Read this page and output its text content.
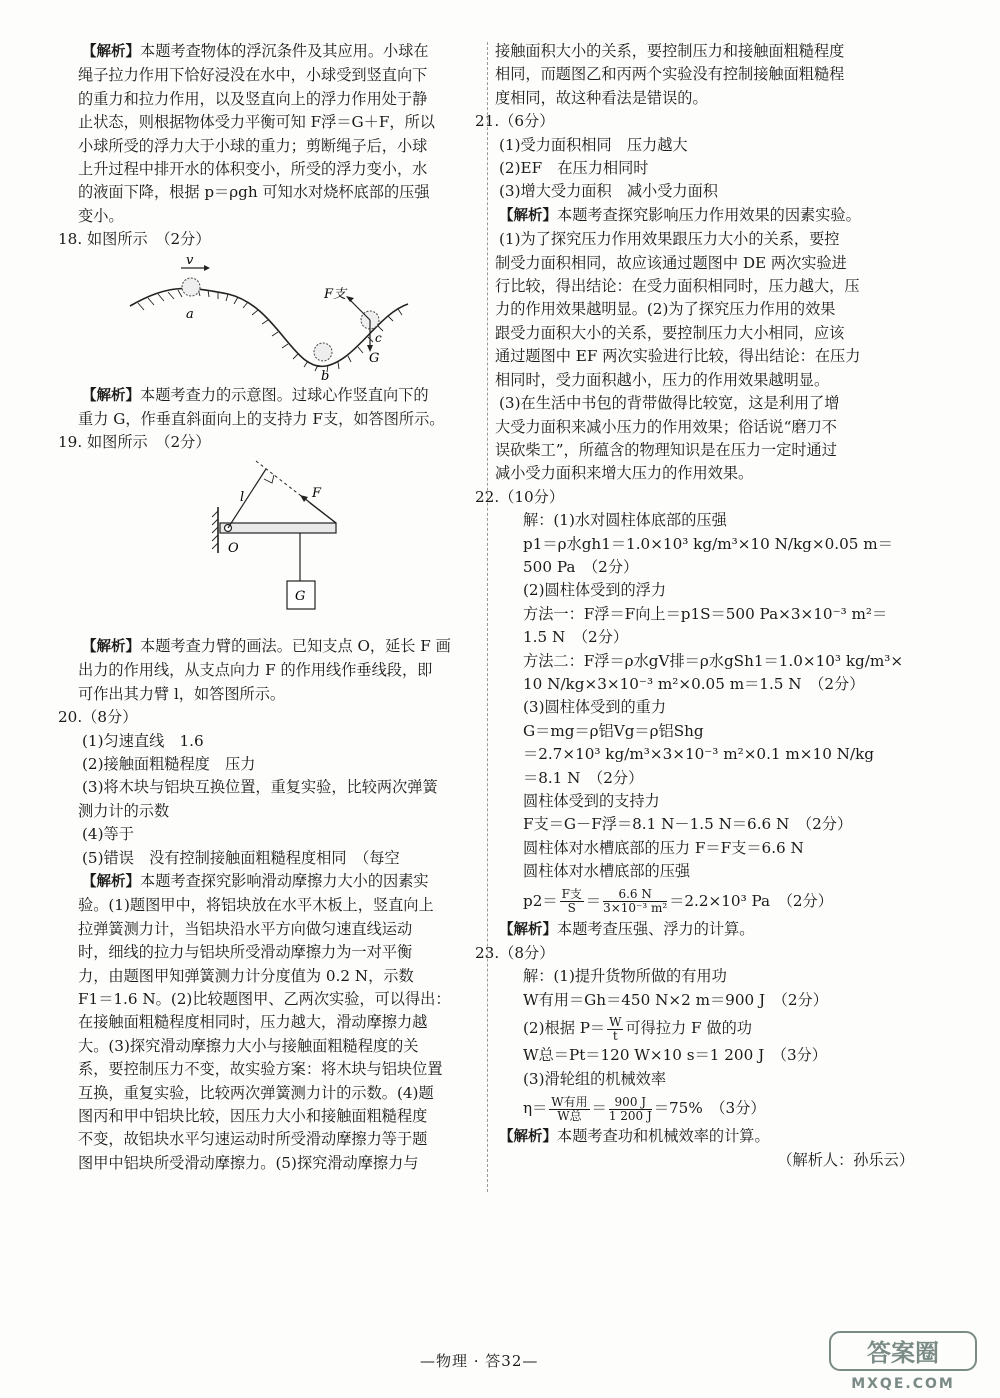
【解析】本题考查物体的浮沉条件及其应用。小球在

绳子拉力作用下恰好浸没在水中，小球受到竖直向下

的重力和拉力作用，以及竖直向上的浮力作用处于静

止状态，则根据物体受力平衡可知 F浮＝G＋F，所以

小球所受的浮力大于小球的重力；剪断绳子后，小球

上升过程中排开水的体积变小，所受的浮力变小，水

的液面下降，根据 p＝ρgh 可知水对烧杯底部的压强

变小。

18. 如图所示　（2分）

v
a
b
F支
c
G

【解析】本题考查力的示意图。过球心作竖直向下的

重力 G，作垂直斜面向上的支持力 F支，如答图所示。

19. 如图所示　（2分）

O
l	F
G

【解析】本题考查力臂的画法。已知支点 O，延长 F 画

出力的作用线，从支点向力 F 的作用线作垂线段，即

可作出其力臂 l，如答图所示。

20.（8分）

(1)匀速直线　1.6

(2)接触面粗糙程度　压力

(3)将木块与铝块互换位置，重复实验，比较两次弹簧

测力计的示数

(4)等于

(5)错误　没有控制接触面粗糙程度相同　（每空

【解析】本题考查探究影响滑动摩擦力大小的因素实

验。(1)题图甲中，将铝块放在水平木板上，竖直向上

拉弹簧测力计，当铝块沿水平方向做匀速直线运动

时，细线的拉力与铝块所受滑动摩擦力为一对平衡

力，由题图甲知弹簧测力计分度值为 0.2 N，示数

F1＝1.6 N。(2)比较题图甲、乙两次实验，可以得出：

在接触面粗糙程度相同时，压力越大，滑动摩擦力越

大。(3)探究滑动摩擦力大小与接触面粗糙程度的关

系，要控制压力不变，故实验方案：将木块与铝块位置

互换，重复实验，比较两次弹簧测力计的示数。(4)题

图丙和甲中铝块比较，因压力大小和接触面粗糙程度

不变，故铝块水平匀速运动时所受滑动摩擦力等于题

图甲中铝块所受滑动摩擦力。(5)探究滑动摩擦力与

接触面积大小的关系，要控制压力和接触面粗糙程度

相同，而题图乙和丙两个实验没有控制接触面粗糙程

度相同，故这种看法是错误的。

21.（6分）

(1)受力面积相同　压力越大

(2)EF　在压力相同时

(3)增大受力面积　减小受力面积

【解析】本题考查探究影响压力作用效果的因素实验。

(1)为了探究压力作用效果跟压力大小的关系，要控

制受力面积相同，故应该通过题图中 DE 两次实验进

行比较，得出结论：在受力面积相同时，压力越大，压

力的作用效果越明显。(2)为了探究压力作用的效果

跟受力面积大小的关系，要控制压力大小相同，应该

通过题图中 EF 两次实验进行比较，得出结论：在压力

相同时，受力面积越小，压力的作用效果越明显。

(3)在生活中书包的背带做得比较宽，这是利用了增

大受力面积来减小压力的作用效果；俗话说“磨刀不

误砍柴工”，所蕴含的物理知识是在压力一定时通过

减小受力面积来增大压力的作用效果。

22.（10分）

解：(1)水对圆柱体底部的压强

p1＝ρ水gh1＝1.0×10³ kg/m³×10 N/kg×0.05 m＝

500 Pa　（2分）

(2)圆柱体受到的浮力

方法一：F浮＝F向上＝p1S＝500 Pa×3×10⁻³ m²＝

1.5 N　（2分）

方法二：F浮＝ρ水gV排＝ρ水gSh1＝1.0×10³ kg/m³×

10 N/kg×3×10⁻³ m²×0.05 m＝1.5 N　（2分）

(3)圆柱体受到的重力

G＝mg＝ρ铝Vg＝ρ铝Shg

＝2.7×10³ kg/m³×3×10⁻³ m²×0.1 m×10 N/kg

＝8.1 N　（2分）

圆柱体受到的支持力

F支＝G－F浮＝8.1 N－1.5 N＝6.6 N　（2分）

圆柱体对水槽底部的压力 F＝F支＝6.6 N

圆柱体对水槽底部的压强

$p2= \frac{\text{F支}}{S} = \frac{6.6 N}{\text{3×10⁻³ m²}} =2.2\times 10^3$ Pa　（2分）

【解析】本题考查压强、浮力的计算。

23.（8分）

解：(1)提升货物所做的有用功

W有用＝Gh＝450 N×2 m＝900 J　（2分）

(2)根据 $P= \frac{W}{t}$ 可得拉力 F 做的功

W总＝Pt＝120 W×10 s＝1 200 J　（3分）

(3)滑轮组的机械效率

$\eta= \frac{\text{W有用}}{\text{W总}} = \frac{900 J}{1 200 J} =75\%$　（3分）

【解析】本题考查功和机械效率的计算。

（解析人：孙乐云）

—物理 · 答32—	答案圈
MXQE.COM
